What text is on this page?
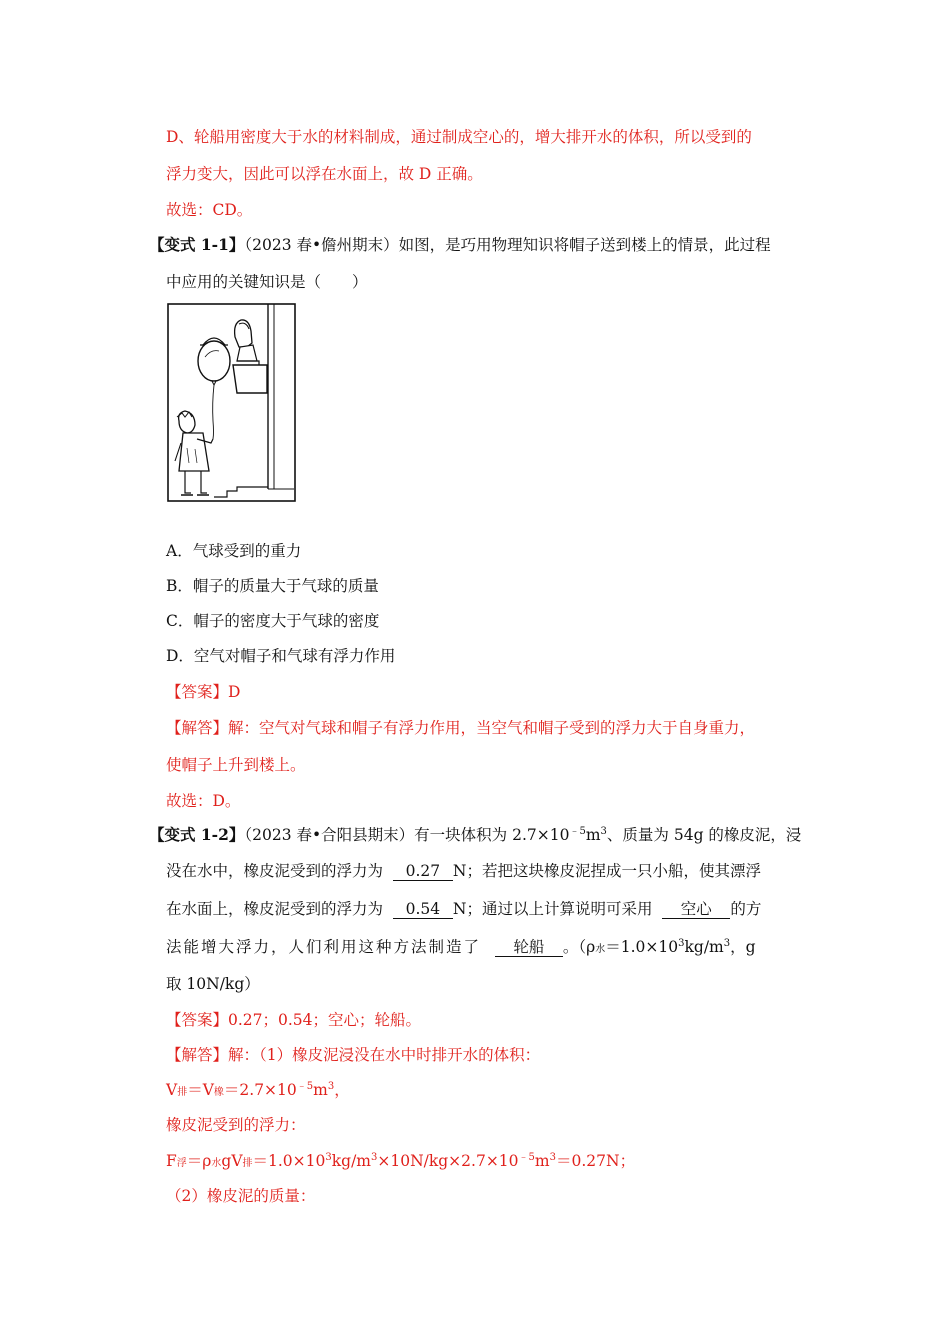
D、轮船用密度大于水的材料制成，通过制成空心的，增大排开水的体积，所以受到的
浮力变大，因此可以浮在水面上，故 D 正确。
故选：CD。
【变式 1-1】（2023 春•儋州期末）如图，是巧用物理知识将帽子送到楼上的情景，此过程
中应用的关键知识是（　　）
A．气球受到的重力
B．帽子的质量大于气球的质量
C．帽子的密度大于气球的密度
D．空气对帽子和气球有浮力作用
【答案】D
【解答】解：空气对气球和帽子有浮力作用，当空气和帽子受到的浮力大于自身重力，
使帽子上升到楼上。
故选：D。
【变式 1-2】（2023 春•合阳县期末）有一块体积为 $2.7\times 10^{﹣5}m^3$、质量为 54g 的橡皮泥，浸
没在水中，橡皮泥受到的浮力为 0.27 N；若把这块橡皮泥捏成一只小船，使其漂浮
在水面上，橡皮泥受到的浮力为 0.54 N；通过以上计算说明可采用 空心 的方
法能增大浮力，人们利用这种方法制造了 轮船 。（ρ水$=1.0\times 10^3kg/m^3$，g
取 10N/kg）
【答案】0.27；0.54；空心；轮船。
【解答】解：（1）橡皮泥浸没在水中时排开水的体积：
V排＝V橡$=2.7\times 10^{﹣5}m^3$，
橡皮泥受到的浮力：
F浮＝ρ水gV排$=1.0\times 10^3kg/m^3\times 10N/kg\times 2.7\times 10^{﹣5}m^3=0.27N$；
（2）橡皮泥的质量：
